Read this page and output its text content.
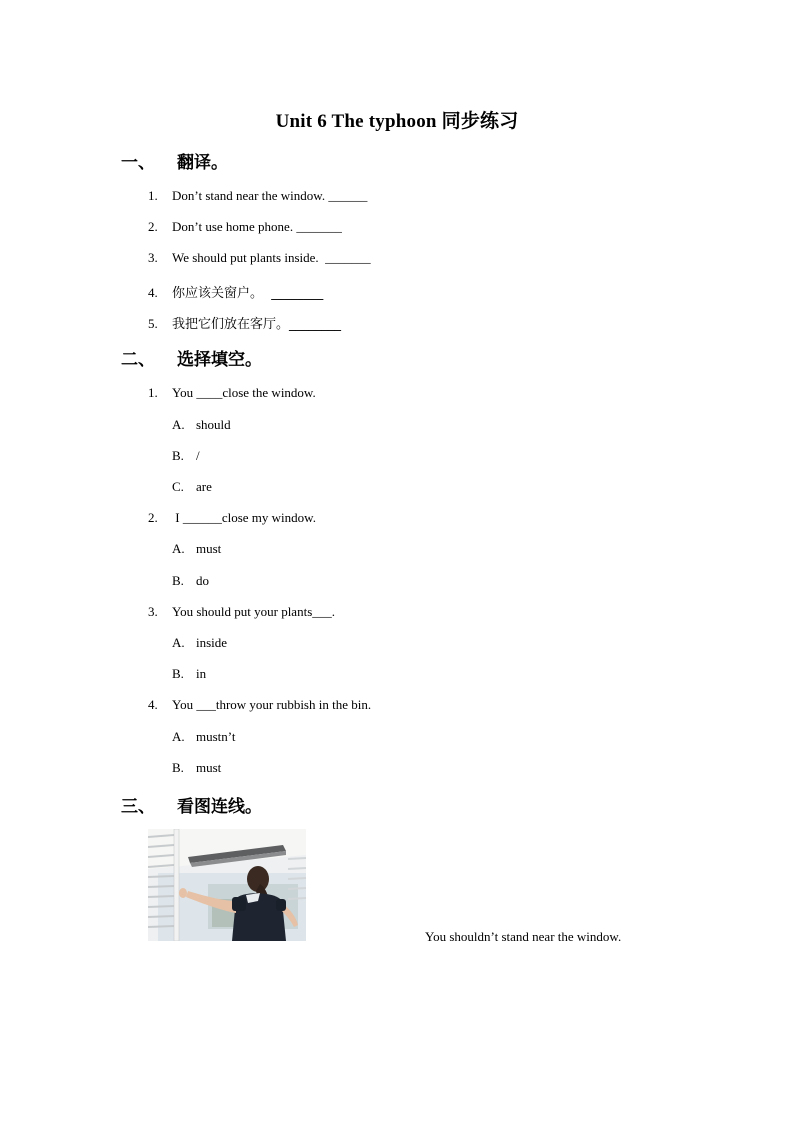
Unit 6 The typhoon 同步练习
一、 翻译。
1. Don’t stand near the window. ______
2. Don’t use home phone. _______
3. We should put plants inside.  _______
4. 你应该关窗户。  ________
5. 我把它们放在客厅。________
二、 选择填空。
1. You ____close the window.
A. should
B. /
C. are
2. I ______close my window.
A. must
B. do
3. You should put your plants___.
A. inside
B. in
4. You ___throw your rubbish in the bin.
A. mustn’t
B. must
三、 看图连线。
You shouldn’t stand near the window.
